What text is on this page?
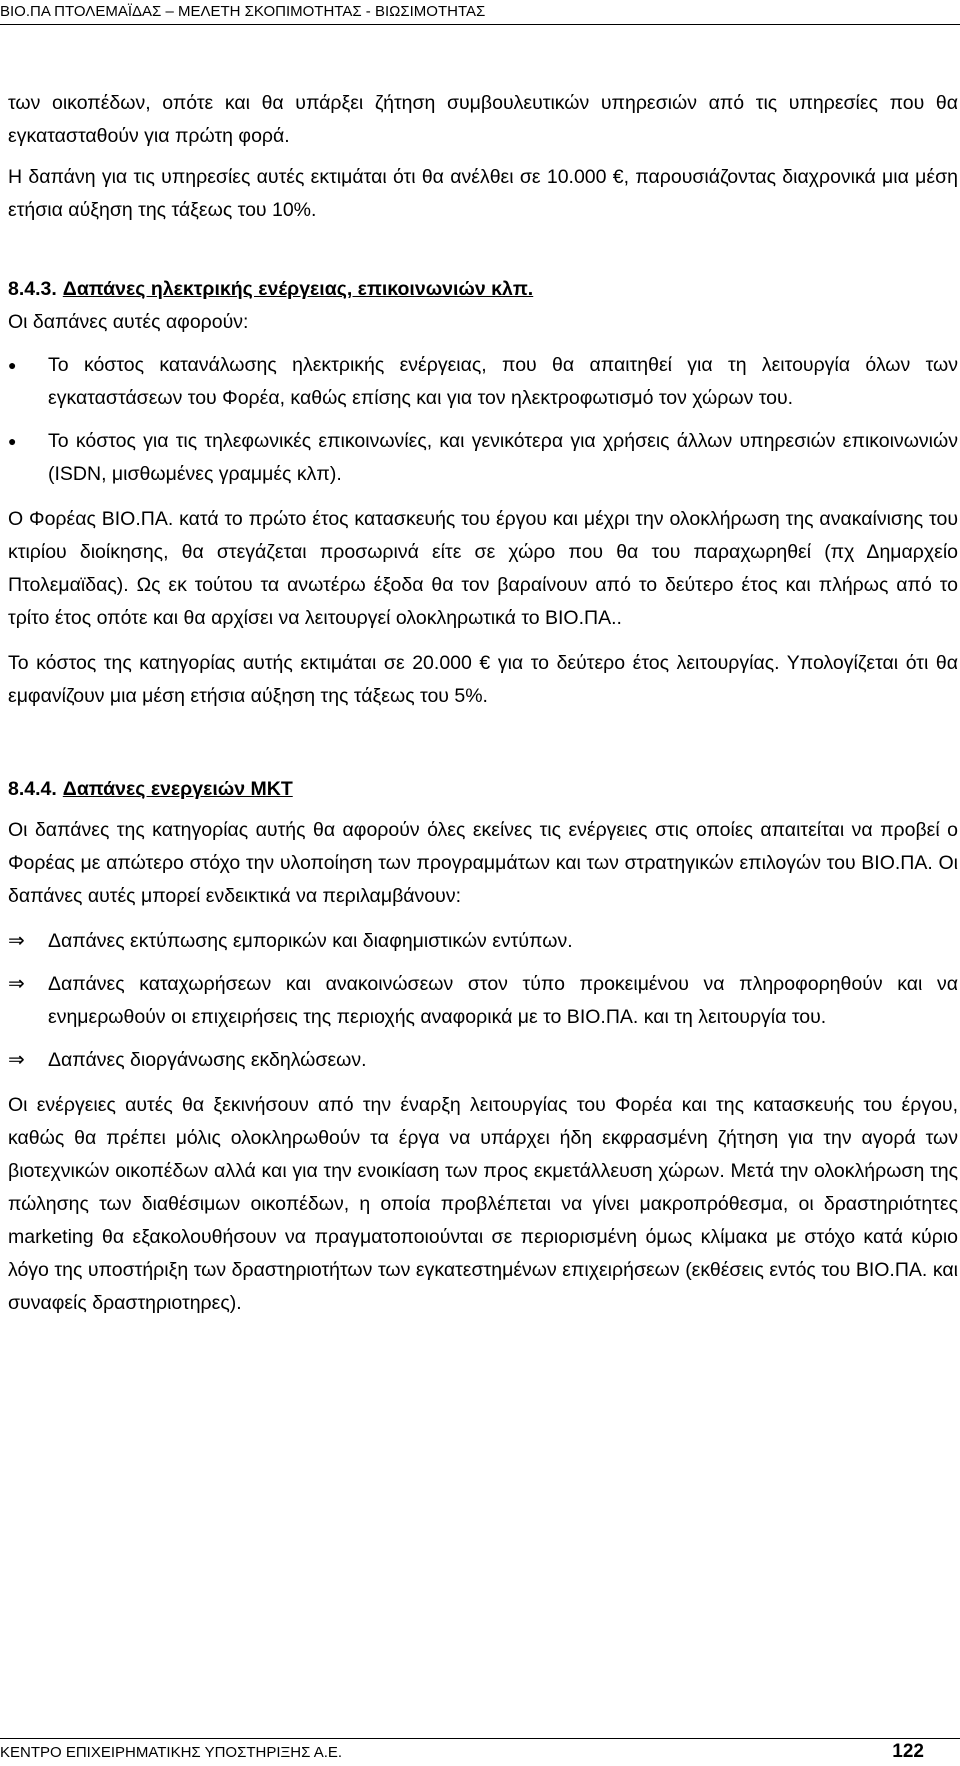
ΒΙΟ.ΠΑ ΠΤΟΛΕΜΑΪΔΑΣ – ΜΕΛΕΤΗ ΣΚΟΠΙΜΟΤΗΤΑΣ - ΒΙΩΣΙΜΟΤΗΤΑΣ

των οικοπέδων, οπότε και θα υπάρξει ζήτηση συμβουλευτικών υπηρεσιών από τις υπηρεσίες που θα εγκατασταθούν για πρώτη φορά.

Η δαπάνη για τις υπηρεσίες αυτές εκτιμάται ότι θα ανέλθει σε 10.000 €, παρουσιάζοντας διαχρονικά μια μέση ετήσια αύξηση της τάξεως του 10%.

8.4.3. Δαπάνες ηλεκτρικής ενέργειας, επικοινωνιών κλπ.

Οι δαπάνες αυτές αφορούν:

●	Το κόστος κατανάλωσης ηλεκτρικής ενέργειας, που θα απαιτηθεί για τη λειτουργία όλων των εγκαταστάσεων του Φορέα, καθώς επίσης και για τον ηλεκτροφωτισμό τον χώρων του.

●	Το κόστος για τις τηλεφωνικές επικοινωνίες, και γενικότερα για χρήσεις άλλων υπηρεσιών επικοινωνιών (ISDN, μισθωμένες γραμμές κλπ).

Ο Φορέας ΒΙΟ.ΠΑ. κατά το πρώτο έτος κατασκευής του έργου και μέχρι την ολοκλήρωση της ανακαίνισης του κτιρίου διοίκησης, θα στεγάζεται προσωρινά είτε σε χώρο που θα του παραχωρηθεί (πχ Δημαρχείο Πτολεμαϊδας). Ως εκ τούτου τα ανωτέρω έξοδα θα τον βαραίνουν από το δεύτερο έτος και πλήρως από το τρίτο έτος οπότε και θα αρχίσει να λειτουργεί ολοκληρωτικά το ΒΙΟ.ΠΑ..

Το κόστος της κατηγορίας αυτής εκτιμάται σε 20.000 € για το δεύτερο έτος λειτουργίας. Υπολογίζεται ότι θα εμφανίζουν μια μέση ετήσια αύξηση της τάξεως του 5%.

8.4.4. Δαπάνες ενεργειών ΜΚΤ

Οι δαπάνες της κατηγορίας αυτής θα αφορούν όλες εκείνες τις ενέργειες στις οποίες απαιτείται να προβεί ο Φορέας με απώτερο στόχο την υλοποίηση των προγραμμάτων και των στρατηγικών επιλογών του ΒΙΟ.ΠΑ. Οι δαπάνες αυτές μπορεί ενδεικτικά να περιλαμβάνουν:

⇒	Δαπάνες εκτύπωσης εμπορικών και διαφημιστικών εντύπων.

⇒	Δαπάνες καταχωρήσεων και ανακοινώσεων στον τύπο προκειμένου να πληροφορηθούν και να ενημερωθούν οι επιχειρήσεις της περιοχής αναφορικά με το ΒΙΟ.ΠΑ. και τη λειτουργία του.

⇒	Δαπάνες διοργάνωσης εκδηλώσεων.

Οι ενέργειες αυτές θα ξεκινήσουν από την έναρξη λειτουργίας του Φορέα και της κατασκευής του έργου, καθώς θα πρέπει μόλις ολοκληρωθούν τα έργα να υπάρχει ήδη εκφρασμένη ζήτηση για την αγορά των βιοτεχνικών οικοπέδων αλλά και για την ενοικίαση των προς εκμετάλλευση χώρων. Μετά την ολοκλήρωση της πώλησης των διαθέσιμων οικοπέδων, η οποία προβλέπεται να γίνει μακροπρόθεσμα, οι δραστηριότητες marketing θα εξακολουθήσουν να πραγματοποιούνται σε περιορισμένη όμως κλίμακα με στόχο κατά κύριο λόγο της υποστήριξη των δραστηριοτήτων των εγκατεστημένων επιχειρήσεων (εκθέσεις εντός του ΒΙΟ.ΠΑ. και συναφείς δραστηριοτηρες).

ΚΕΝΤΡΟ ΕΠΙΧΕΙΡΗΜΑΤΙΚΗΣ ΥΠΟΣΤΗΡΙΞΗΣ Α.Ε.	122
